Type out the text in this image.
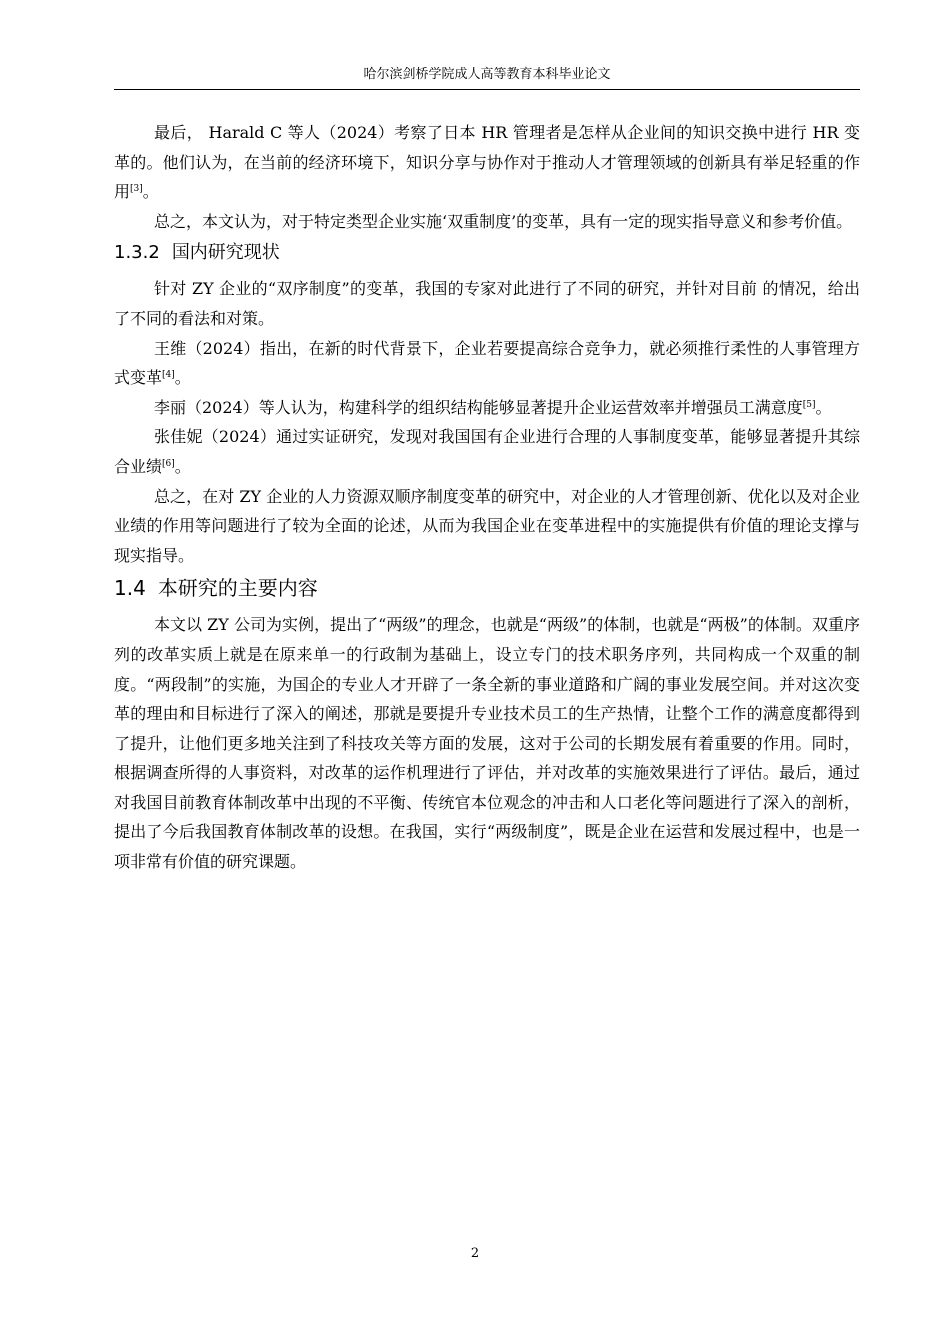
哈尔滨剑桥学院成人高等教育本科毕业论文

最后， Harald C 等人（2024）考察了日本 HR 管理者是怎样从企业间的知识交换中进行 HR 变革的。他们认为，在当前的经济环境下，知识分享与协作对于推动人才管理领域的创新具有举足轻重的作用[3]。

总之，本文认为，对于特定类型企业实施‘双重制度’的变革，具有一定的现实指导意义和参考价值。

1.3.2 国内研究现状

针对 ZY 企业的“双序制度”的变革，我国的专家对此进行了不同的研究，并针对目前 的情况，给出了不同的看法和对策。

王维（2024）指出，在新的时代背景下，企业若要提高综合竞争力，就必须推行柔性的人事管理方式变革[4]。

李丽（2024）等人认为，构建科学的组织结构能够显著提升企业运营效率并增强员工满意度[5]。

张佳妮（2024）通过实证研究，发现对我国国有企业进行合理的人事制度变革，能够显著提升其综合业绩[6]。

总之，在对 ZY 企业的人力资源双顺序制度变革的研究中，对企业的人才管理创新、优化以及对企业业绩的作用等问题进行了较为全面的论述，从而为我国企业在变革进程中的实施提供有价值的理论支撑与现实指导。

1.4 本研究的主要内容

本文以 ZY 公司为实例，提出了“两级”的理念，也就是“两级”的体制，也就是“两极”的体制。双重序列的改革实质上就是在原来单一的行政制为基础上，设立专门的技术职务序列，共同构成一个双重的制度。“两段制”的实施，为国企的专业人才开辟了一条全新的事业道路和广阔的事业发展空间。并对这次变革的理由和目标进行了深入的阐述，那就是要提升专业技术员工的生产热情，让整个工作的满意度都得到了提升，让他们更多地关注到了科技攻关等方面的发展，这对于公司的长期发展有着重要的作用。同时，根据调查所得的人事资料，对改革的运作机理进行了评估，并对改革的实施效果进行了评估。最后，通过对我国目前教育体制改革中出现的不平衡、传统官本位观念的冲击和人口老化等问题进行了深入的剖析，提出了今后我国教育体制改革的设想。在我国，实行“两级制度”，既是企业在运营和发展过程中，也是一项非常有价值的研究课题。

2
